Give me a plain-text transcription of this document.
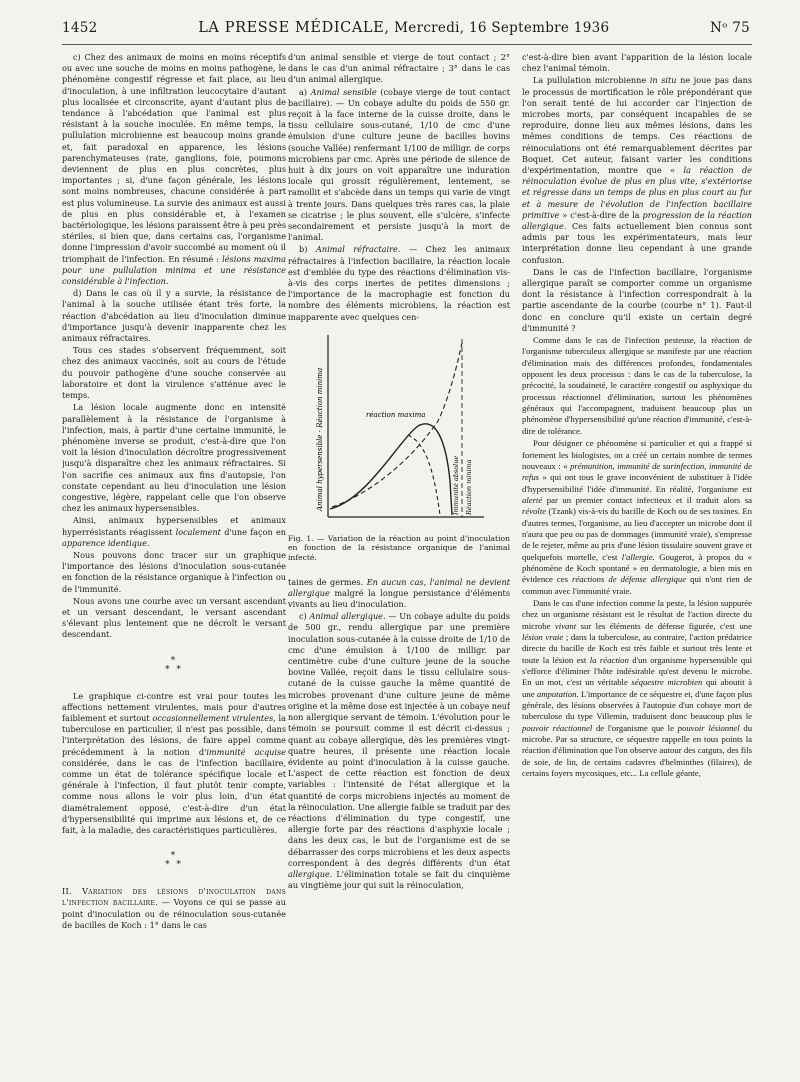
1452	LA PRESSE MÉDICALE, Mercredi, 16 Septembre 1936	Nᵒ 75

c) Chez des animaux de moins en moins réceptifs ou avec une souche de moins en moins pathogène, le phénomène congestif régresse et fait place, au lieu d'inoculation, à une infiltration leucocytaire d'autant plus localisée et circonscrite, ayant d'autant plus de tendance à l'abcédation que l'animal est plus résistant à la souche inoculée. En même temps, la pullulation microbienne est beaucoup moins grande et, fait paradoxal en apparence, les lésions parenchymateuses (rate, ganglions, foie, poumons deviennent de plus en plus concrètes, plus importantes ; si, d'une façon générale, les lésions sont moins nombreuses, chacune considérée à part est plus volumineuse. La survie des animaux est aussi de plus en plus considérable et, à l'examen bactériologique, les lésions paraissent être à peu près stériles, si bien que, dans certains cas, l'organisme donne l'impression d'avoir succombé au moment où il triomphait de l'infection. En résumé : lésions maxima pour une pullulation minima et une résistance considérable à l'infection.

d) Dans le cas où il y a survie, la résistance de l'animal à la souche utilisée étant très forte, la réaction d'abcédation au lieu d'inoculation diminue d'importance jusqu'à devenir inapparente chez les animaux réfractaires.

Tous ces stades s'observent fréquemment, soit chez des animaux vaccinés, soit au cours de l'étude du pouvoir pathogène d'une souche conservée au laboratoire et dont la virulence s'atténue avec le temps.

La lésion locale augmente donc en intensité parallèlement à la résistance de l'organisme à l'infection, mais, à partir d'une certaine immunité, le phénomène inverse se produit, c'est-à-dire que l'on voit la lésion d'inoculation décroître progressivement jusqu'à disparaître chez les animaux réfractaires. Si l'on sacrifie ces animaux aux fins d'autopsie, l'on constate cependant au lieu d'inoculation une lésion congestive, légère, rappelant celle que l'on observe chez les animaux hypersensibles.

Ainsi, animaux hypersensibles et animaux hyperrésistants réagissent localement d'une façon en apparence identique.

Nous pouvons donc tracer sur un graphique l'importance des lésions d'inoculation sous-cutanée en fonction de la résistance organique à l'infection ou de l'immunité.

Nous avons une courbe avec un versant ascendant et un versant descendant, le versant ascendant s'élevant plus lentement que ne décroît le versant descendant.

*
* *

Le graphique ci-contre est vrai pour toutes les affections nettement virulentes, mais pour d'autres faiblement et surtout occasionnellement virulentes, la tuberculose en particulier, il n'est pas possible, dans l'interprétation des lésions, de faire appel comme précédemment à la notion d'immunité acquise considérée, dans le cas de l'infection bacillaire, comme un état de tolérance spécifique locale et générale à l'infection, il faut plutôt tenir compte, comme nous allons le voir plus loin, d'un état diamétralement opposé, c'est-à-dire d'un état d'hypersensibilité qui imprime aux lésions et, de ce fait, à la maladie, des caractéristiques particulières.

*
* *

II. Variation des lésions d'inoculation dans l'infection bacillaire. — Voyons ce qui se passe au point d'inoculation ou de réinoculation sous-cutanée de bacilles de Koch : 1° dans le cas

d'un animal sensible et vierge de tout contact ; 2° dans le cas d'un animal réfractaire ; 3° dans le cas d'un animal allergique.

a) Animal sensible (cobaye vierge de tout contact bacillaire). — Un cobaye adulte du poids de 550 gr. reçoit à la face interne de la cuisse droite, dans le tissu cellulaire sous-cutané, 1/10 de cmc d'une émulsion d'une culture jeune de bacilles bovins (souche Vallée) renfermant 1/100 de milligr. de corps microbiens par cmc. Après une période de silence de huit à dix jours on voit apparaître une induration locale qui grossit régulièrement, lentement, se ramollit et s'abcède dans un temps qui varie de vingt à trente jours. Dans quelques très rares cas, la plaie se cicatrise ; le plus souvent, elle s'ulcère, s'infecte secondairement et persiste jusqu'à la mort de l'animal.

b) Animal réfractaire. — Chez les animaux réfractaires à l'infection bacillaire, la réaction locale est d'emblée du type des réactions d'élimination vis-à-vis des corps inertes de petites dimensions ; l'importance de la macrophagie est fonction du nombre des éléments microbiens, la réaction est inapparente avec quelques cen-

Animal hypersensible - Réaction minima	réaction maxima
Immunité absolue Réaction minima

Fig. 1. — Variation de la réaction au point d'inoculation en fonction de la résistance organique de l'animal infecté.

taines de germes. En aucun cas, l'animal ne devient allergique malgré la longue persistance d'éléments vivants au lieu d'inoculation.

c) Animal allergique. — Un cobaye adulte du poids de 500 gr., rendu allergique par une première inoculation sous-cutanée à la cuisse droite de 1/10 de cmc d'une émulsion à 1/100 de milligr. par centimètre cube d'une culture jeune de la souche bovine Vallée, reçoit dans le tissu cellulaire sous-cutané de la cuisse gauche la même quantité de microbes provenant d'une culture jeune de même origine et la même dose est injectée à un cobaye neuf non allergique servant de témoin. L'évolution pour le témoin se poursuit comme il est décrit ci-dessus ; quant au cobaye allergique, dès les premières vingt-quatre heures, il présente une réaction locale évidente au point d'inoculation à la cuisse gauche. L'aspect de cette réaction est fonction de deux variables : l'intensité de l'état allergique et la quantité de corps microbiens injectés au moment de la réinoculation. Une allergie faible se traduit par des réactions d'élimination du type congestif, une allergie forte par des réactions d'asphyxie locale ; dans les deux cas, le but de l'organisme est de se débarrasser des corps microbiens et les deux aspects correspondent à des degrés différents d'un état allergique. L'élimination totale se fait du cinquième au vingtième jour qui suit la réinoculation,

c'est-à-dire bien avant l'apparition de la lésion locale chez l'animal témoin.

La pullulation microbienne in situ ne joue pas dans le processus de mortification le rôle prépondérant que l'on serait tenté de lui accorder car l'injection de microbes morts, par conséquent incapables de se reproduire, donne lieu aux mêmes lésions, dans les mêmes conditions de temps. Ces réactions de réinoculations ont été remarquablement décrites par Boquet. Cet auteur, faisant varier les conditions d'expérimentation, montre que « la réaction de réinoculation évolue de plus en plus vite, s'extériorise et régresse dans un temps de plus en plus court au fur et à mesure de l'évolution de l'infection bacillaire primitive » c'est-à-dire de la progression de la réaction allergique. Ces faits actuellement bien connus sont admis par tous les expérimentateurs, mais leur interprétation donne lieu cependant à une grande confusion.

Dans le cas de l'infection bacillaire, l'organisme allergique paraît se comporter comme un organisme dont la résistance à l'infection correspondrait à la partie ascendante de la courbe (courbe n° 1). Faut-il donc en conclure qu'il existe un certain degré d'immunité ?

Comme dans le cas de l'infection pesteuse, la réaction de l'organisme tuberculeux allergique se manifeste par une réaction d'élimination mais des différences profondes, fondamentales opposent les deux processus : dans le cas de la tuberculose, la précocité, la soudaineté, le caractère congestif ou asphyxique du processus réactionnel d'élimination, surtout les phénomènes généraux qui l'accompagnent, traduisent beaucoup plus un phénomène d'hypersensibilité qu'une réaction d'immunité, c'est-à-dire de tolérance.

Pour désigner ce phénomène si particulier et qui a frappé si fortement les biologistes, on a créé un certain nombre de termes nouveaux : « prémunition, immunité de surinfection, immunité de refus » qui ont tous le grave inconvénient de substituer à l'idée d'hypersensibilité l'idée d'immunité. En réalité, l'organisme est alerté par un premier contact infectieux et il traduit alors sa révolte (Tzank) vis-à-vis du bacille de Koch ou de ses toxines. En d'autres termes, l'organisme, au lieu d'accepter un microbe dont il n'aura que peu ou pas de dommages (immunité vraie), s'empresse de le rejeter, même au prix d'une lésion tissulaire souvent grave et quelquefois mortelle, c'est l'allergie. Gougerot, à propos du « phénomène de Koch spontané » en dermatologie, a bien mis en évidence ces réactions de défense allergique qui n'ont rien de commun avec l'immunité vraie.

Dans le cas d'une infection comme la peste, la lésion suppurée chez un organisme résistant est le résultat de l'action directe du microbe vivant sur les éléments de défense figurée, c'est une lésion vraie ; dans la tuberculose, au contraire, l'action prédatrice directe du bacille de Koch est très faible et surtout très lente et toute la lésion est la réaction d'un organisme hypersensible qui s'efforce d'éliminer l'hôte indésirable qu'est devenu le microbe. En un mot, c'est un véritable séquestre microbien qui aboutit à une amputation. L'importance de ce séquestre et, d'une façon plus générale, des lésions observées à l'autopsie d'un cobaye mort de tuberculose du type Villemin, traduisent donc beaucoup plus le pouvoir réactionnel de l'organisme que le pouvoir lésionnel du microbe. Par sa structure, ce séquestre rappelle en tous points la réaction d'élimination que l'on observe autour des catguts, des fils de soie, de lin, de certains cadavres d'helminthes (filaires), de certains foyers mycosiques, etc... La cellule géante,
